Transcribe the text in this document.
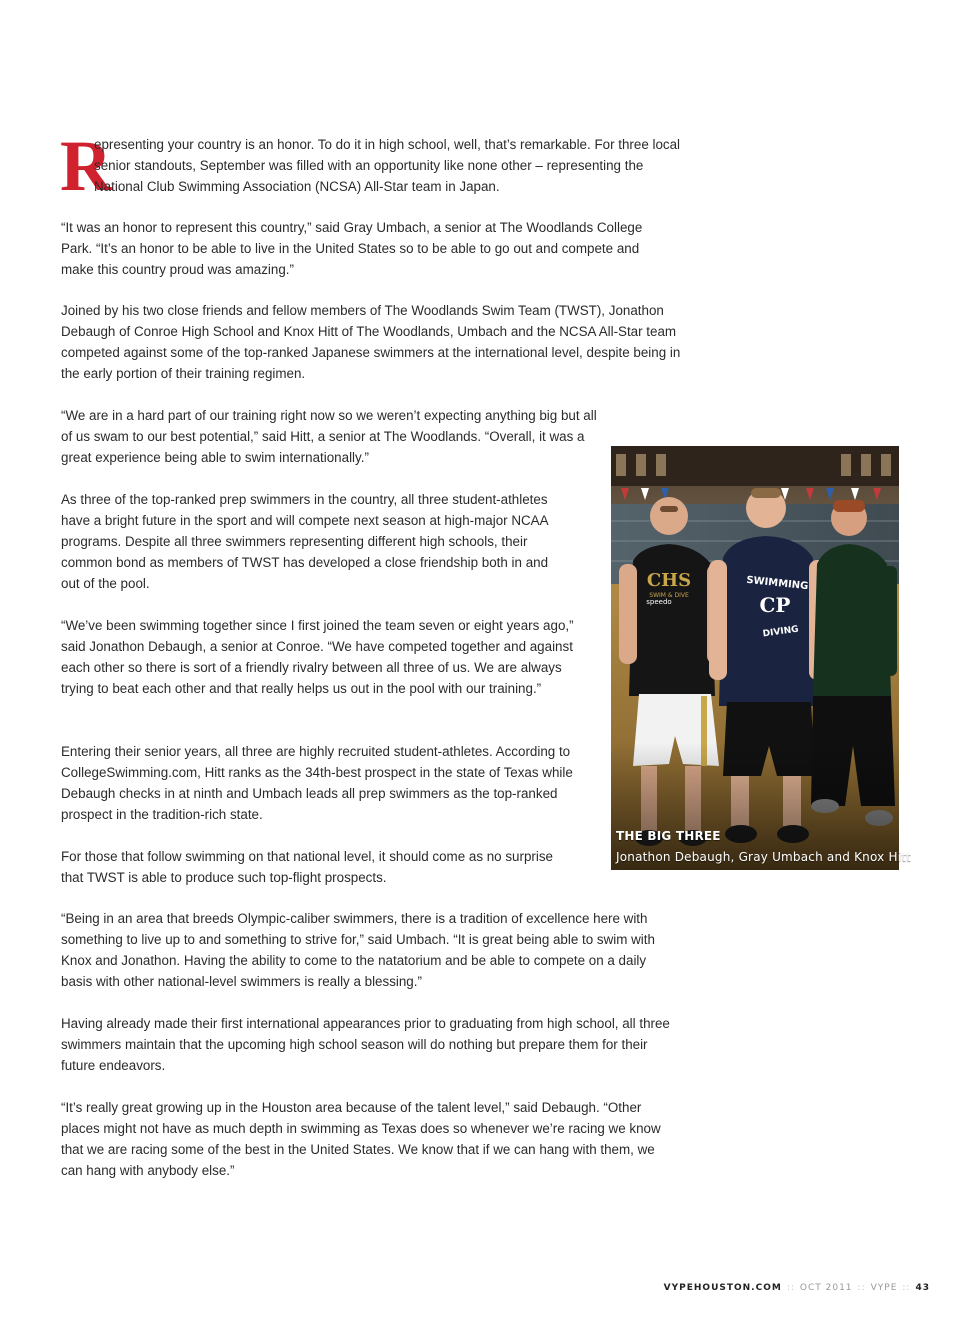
R

epresenting your country is an honor. To do it in high school, well, that’s remarkable. For three local senior standouts, September was filled with an opportunity like none other – representing the National Club Swimming Association (NCSA) All-Star team in Japan.

“It was an honor to represent this country,” said Gray Umbach, a senior at The Woodlands College Park. “It’s an honor to be able to live in the United States so to be able to go out and compete and make this country proud was amazing.”

Joined by his two close friends and fellow members of The Woodlands Swim Team (TWST), Jonathon Debaugh of Conroe High School and Knox Hitt of The Woodlands, Umbach and the NCSA All-Star team competed against some of the top-ranked Japanese swimmers at the international level, despite being in the early portion of their training regimen.

“We are in a hard part of our training right now so we weren’t expecting anything big but all of us swam to our best potential,” said Hitt, a senior at The Woodlands. “Overall, it was a great experience being able to swim internationally.”

As three of the top-ranked prep swimmers in the country, all three student-athletes have a bright future in the sport and will compete next season at high-major NCAA programs. Despite all three swimmers representing different high schools, their common bond as members of TWST has developed a close friendship both in and out of the pool.

“We’ve been swimming together since I first joined the team seven or eight years ago,” said Jonathon Debaugh, a senior at Conroe. “We have competed together and against each other so there is sort of a friendly rivalry between all three of us. We are always trying to beat each other and that really helps us out in the pool with our training.”

Entering their senior years, all three are highly recruited student-athletes. According to CollegeSwimming.com, Hitt ranks as the 34th-best prospect in the state of Texas while Debaugh checks in at ninth and Umbach leads all prep swimmers as the top-ranked prospect in the tradition-rich state.

For those that follow swimming on that national level, it should come as no surprise that TWST is able to produce such top-flight prospects.

“Being in an area that breeds Olympic-caliber swimmers, there is a tradition of excellence here with something to live up to and something to strive for,” said Umbach. “It is great being able to swim with Knox and Jonathon. Having the ability to come to the natatorium and be able to compete on a daily basis with other national-level swimmers is really a blessing.”

Having already made their first international appearances prior to graduating from high school, all three swimmers maintain that the upcoming high school season will do nothing but prepare them for their future endeavors.

“It’s really great growing up in the Houston area because of the talent level,” said Debaugh. “Other places might not have as much depth in swimming as Texas does so whenever we’re racing we know that we are racing some of the best in the United States. We know that if we can hang with them, we can hang with anybody else.”

THE BIG THREE
Jonathon Debaugh, Gray Umbach and Knox Hitt
VYPEHOUSTON.COM :: OCT 2011 :: VYPE :: 43
